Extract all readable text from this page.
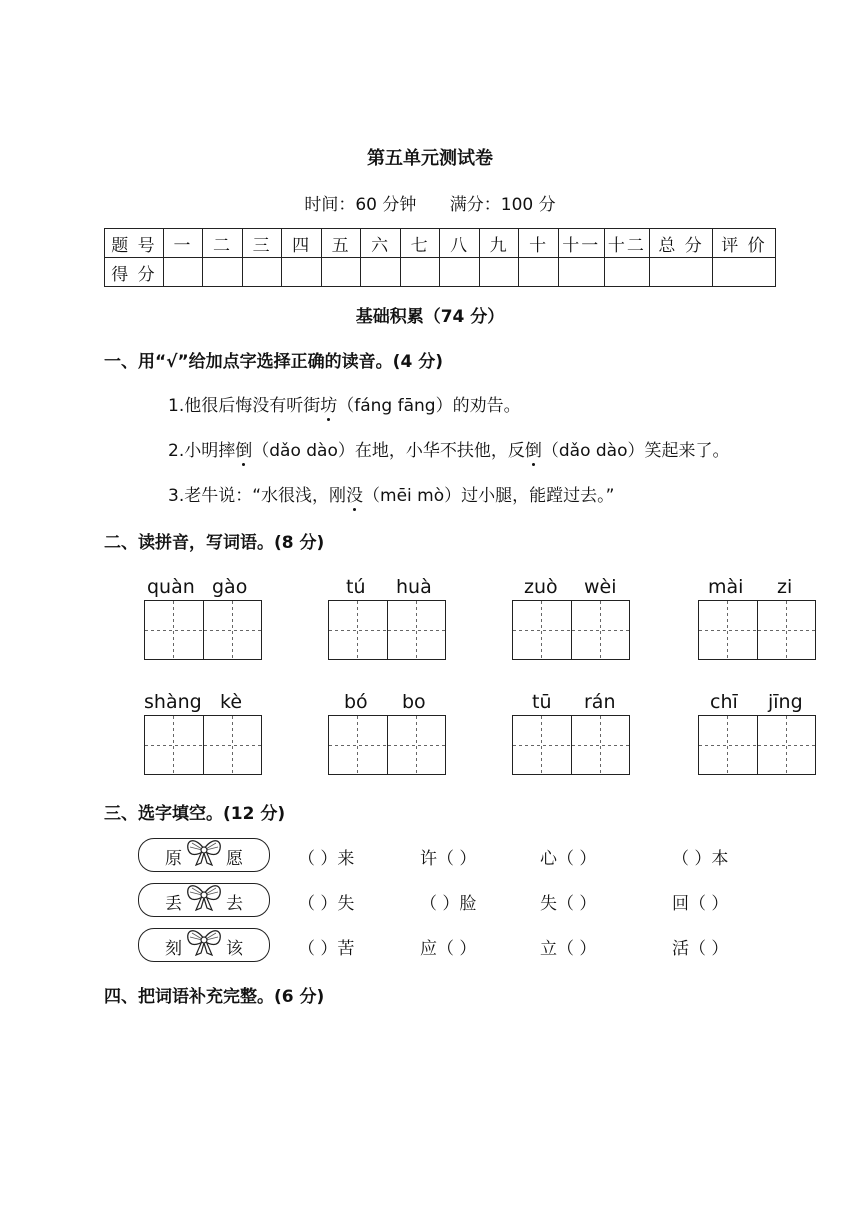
第五单元测试卷
时间：60 分钟 满分：100 分
题 号	一	二	三	四	五	六	七	八	九	十	十一	十二	总 分	评 价
得 分														
基础积累（74 分）
一、用“√”给加点字选择正确的读音。(4 分)
1.他很后悔没有听街坊（fáng fāng）的劝告。
2.小明摔倒（dǎo dào）在地，小华不扶他，反倒（dǎo dào）笑起来了。
3.老牛说：“水很浅，刚没（mēi mò）过小腿，能蹚过去。”
二、读拼音，写词语。(8 分)
quàn gào	tú huà	zuò wèi	mài zi
shàng kè	bó bo	tū rán	chī jīng
三、选字填空。(12 分)
原	愿	（ ）来	许（ ）	心（ ）	（ ）本
丢	去	（ ）失	（ ）脸	失（ ）	回（ ）
刻	该	（ ）苦	应（ ）	立（ ）	活（ ）
四、把词语补充完整。(6 分)
